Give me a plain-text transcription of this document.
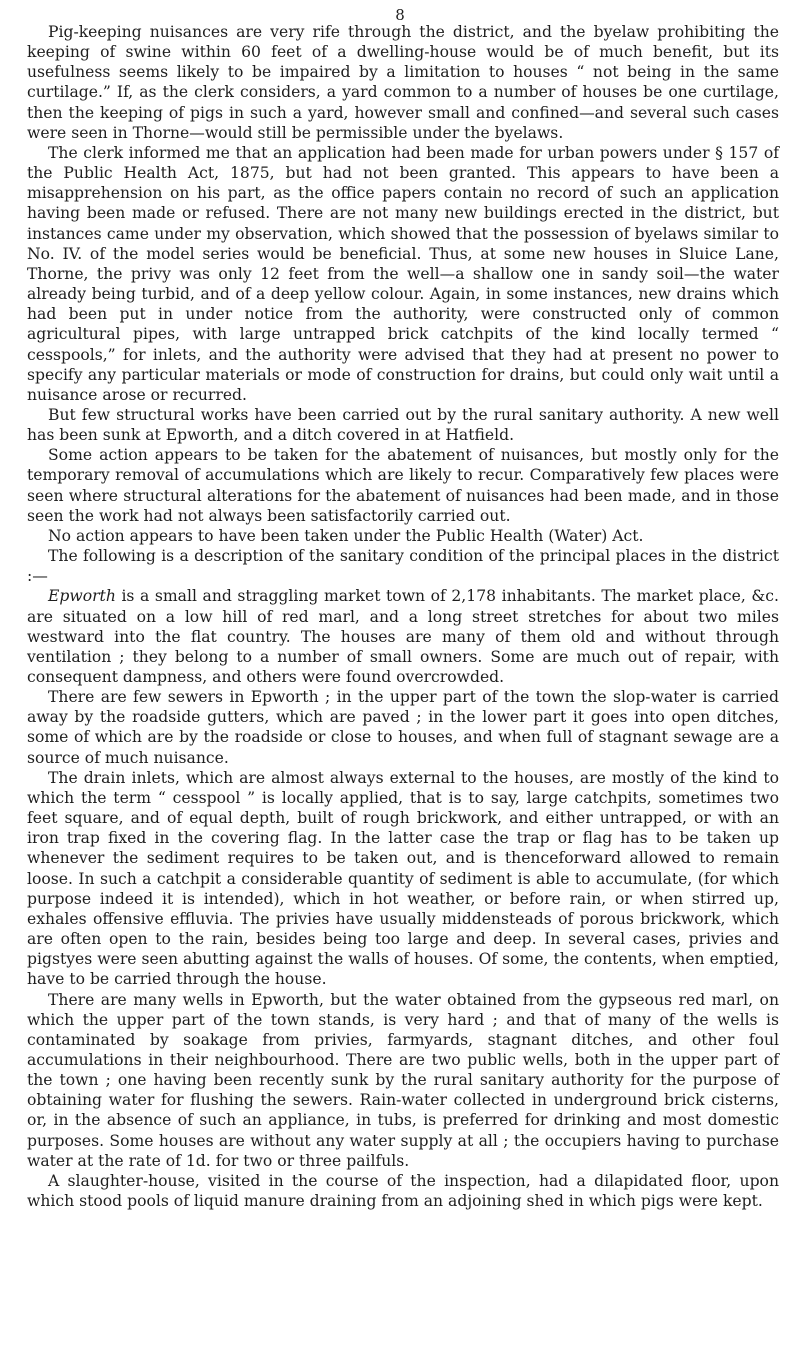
8

Pig-keeping nuisances are very rife through the district, and the byelaw prohibiting the keeping of swine within 60 feet of a dwelling-house would be of much benefit, but its usefulness seems likely to be impaired by a limitation to houses “ not being in the same curtilage.” If, as the clerk considers, a yard common to a number of houses be one curtilage, then the keeping of pigs in such a yard, however small and confined—and several such cases were seen in Thorne—would still be permissible under the byelaws.

The clerk informed me that an application had been made for urban powers under § 157 of the Public Health Act, 1875, but had not been granted. This appears to have been a misapprehension on his part, as the office papers contain no record of such an application having been made or refused. There are not many new buildings erected in the district, but instances came under my observation, which showed that the possession of byelaws similar to No. IV. of the model series would be beneficial. Thus, at some new houses in Sluice Lane, Thorne, the privy was only 12 feet from the well—a shallow one in sandy soil—the water already being turbid, and of a deep yellow colour. Again, in some instances, new drains which had been put in under notice from the authority, were constructed only of common agricultural pipes, with large untrapped brick catchpits of the kind locally termed “ cesspools,” for inlets, and the authority were advised that they had at present no power to specify any particular materials or mode of construction for drains, but could only wait until a nuisance arose or recurred.

But few structural works have been carried out by the rural sanitary authority. A new well has been sunk at Epworth, and a ditch covered in at Hatfield.

Some action appears to be taken for the abatement of nuisances, but mostly only for the temporary removal of accumulations which are likely to recur. Comparatively few places were seen where structural alterations for the abatement of nuisances had been made, and in those seen the work had not always been satisfactorily carried out.

No action appears to have been taken under the Public Health (Water) Act.

The following is a description of the sanitary condition of the principal places in the district :—

Epworth is a small and straggling market town of 2,178 inhabitants. The market place, &c. are situated on a low hill of red marl, and a long street stretches for about two miles westward into the flat country. The houses are many of them old and without through ventilation ; they belong to a number of small owners. Some are much out of repair, with consequent dampness, and others were found overcrowded.

There are few sewers in Epworth ; in the upper part of the town the slop-water is carried away by the roadside gutters, which are paved ; in the lower part it goes into open ditches, some of which are by the roadside or close to houses, and when full of stagnant sewage are a source of much nuisance.

The drain inlets, which are almost always external to the houses, are mostly of the kind to which the term “ cesspool ” is locally applied, that is to say, large catchpits, sometimes two feet square, and of equal depth, built of rough brickwork, and either untrapped, or with an iron trap fixed in the covering flag. In the latter case the trap or flag has to be taken up whenever the sediment requires to be taken out, and is thenceforward allowed to remain loose. In such a catchpit a considerable quantity of sediment is able to accumulate, (for which purpose indeed it is intended), which in hot weather, or before rain, or when stirred up, exhales offensive effluvia. The privies have usually middensteads of porous brickwork, which are often open to the rain, besides being too large and deep. In several cases, privies and pigstyes were seen abutting against the walls of houses. Of some, the contents, when emptied, have to be carried through the house.

There are many wells in Epworth, but the water obtained from the gypseous red marl, on which the upper part of the town stands, is very hard ; and that of many of the wells is contaminated by soakage from privies, farmyards, stagnant ditches, and other foul accumulations in their neighbourhood. There are two public wells, both in the upper part of the town ; one having been recently sunk by the rural sanitary authority for the purpose of obtaining water for flushing the sewers. Rain-water collected in underground brick cisterns, or, in the absence of such an appliance, in tubs, is preferred for drinking and most domestic purposes. Some houses are without any water supply at all ; the occupiers having to purchase water at the rate of 1d. for two or three pailfuls.

A slaughter-house, visited in the course of the inspection, had a dilapidated floor, upon which stood pools of liquid manure draining from an adjoining shed in which pigs were kept.
